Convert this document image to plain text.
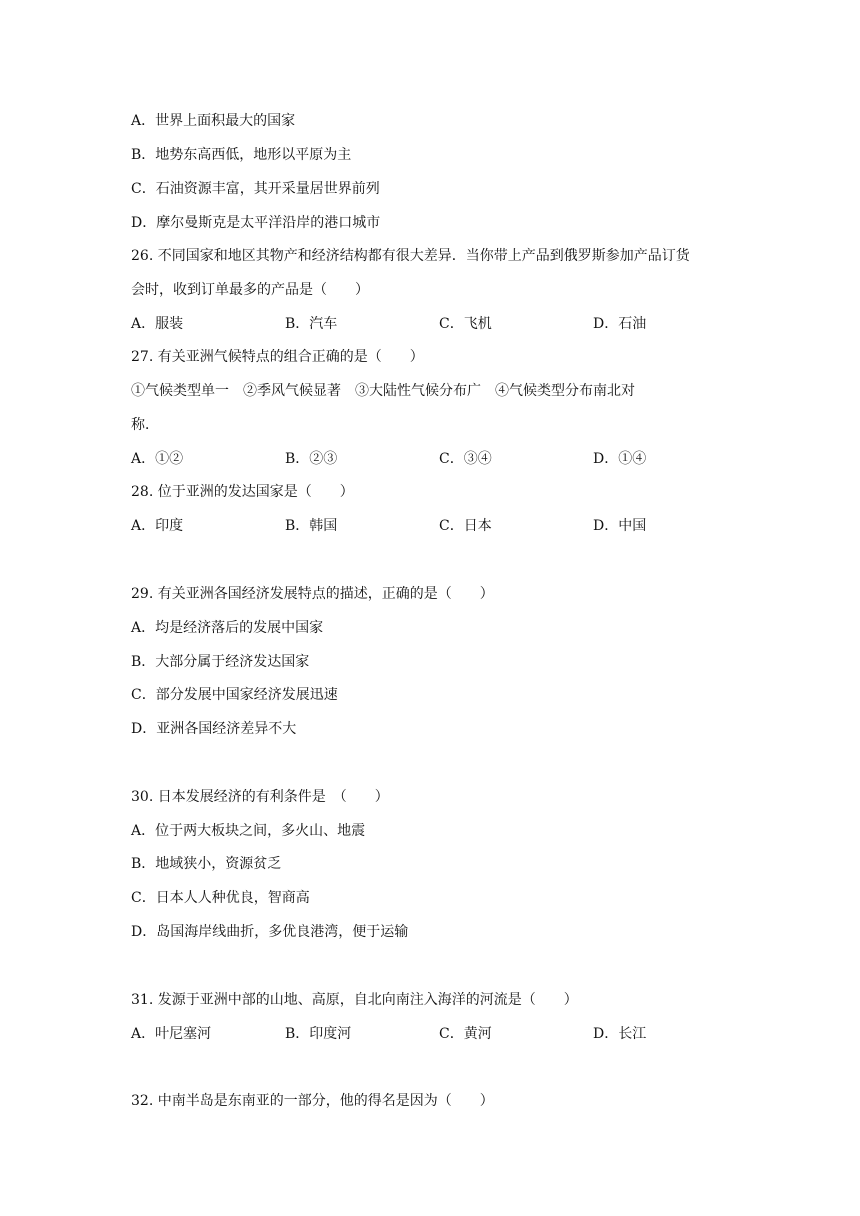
A．世界上面积最大的国家
B．地势东高西低，地形以平原为主
C．石油资源丰富，其开采量居世界前列
D．摩尔曼斯克是太平洋沿岸的港口城市
26. 不同国家和地区其物产和经济结构都有很大差异．当你带上产品到俄罗斯参加产品订货
会时，收到订单最多的产品是（　　）
A．服装	B．汽车	C．飞机	D．石油
27. 有关亚洲气候特点的组合正确的是（　　）
①气候类型单一　②季风气候显著　③大陆性气候分布广　④气候类型分布南北对
称．
A．①②	B．②③	C．③④	D．①④
28. 位于亚洲的发达国家是（　　）
A．印度	B．韩国	C．日本	D．中国
29. 有关亚洲各国经济发展特点的描述，正确的是（　　）
A．均是经济落后的发展中国家
B．大部分属于经济发达国家
C．部分发展中国家经济发展迅速
D．亚洲各国经济差异不大
30. 日本发展经济的有利条件是　（　　）
A．位于两大板块之间，多火山、地震
B．地域狭小，资源贫乏
C．日本人人种优良，智商高
D．岛国海岸线曲折，多优良港湾，便于运输
31. 发源于亚洲中部的山地、高原，自北向南注入海洋的河流是（　　）
A．叶尼塞河	B．印度河	C．黄河	D．长江
32. 中南半岛是东南亚的一部分，他的得名是因为（　　）
